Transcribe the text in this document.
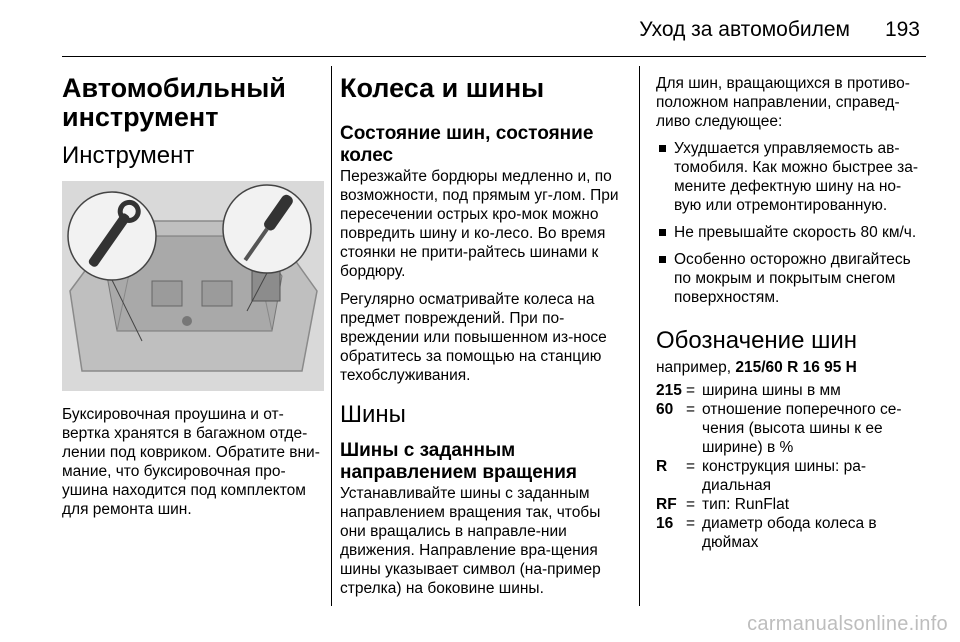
Уход за автомобилем 193
Автомобильный инструмент
Инструмент

Буксировочная проушина и от-вертка хранятся в багажном отде-лении под ковриком. Обратите вни-мание, что буксировочная про-ушина находится под комплектом для ремонта шин.

Колеса и шины
Состояние шин, состояние колес

Перезжайте бордюры медленно и, по возможности, под прямым уг-лом. При пересечении острых кро-мок можно повредить шину и ко-лесо. Во время стоянки не прити-райтесь шинами к бордюру.

Регулярно осматривайте колеса на предмет повреждений. При по-вреждении или повышенном из-носе обратитесь за помощью на станцию техобслуживания.

Шины
Шины с заданным направлением вращения

Устанавливайте шины с заданным направлением вращения так, чтобы они вращались в направле-нии движения. Направление вра-щения шины указывает символ (на-пример стрелка) на боковине шины.

Для шин, вращающихся в противо-положном направлении, справед-ливо следующее:

Ухудшается управляемость ав-томобиля. Как можно быстрее за-мените дефектную шину на но-вую или отремонтированную.
Не превышайте скорость 80 км/ч.
Особенно осторожно двигайтесь по мокрым и покрытым снегом поверхностям.
Обозначение шин

например, 215/60 R 16 95 H

215 = ширина шины в мм
60 = отношение поперечного се-чения (высота шины к ее ширине) в %
R	= конструкция шины: ра-диальная
RF = тип: RunFlat
16 = диаметр обода колеса в дюймах
carmanualsonline.info
